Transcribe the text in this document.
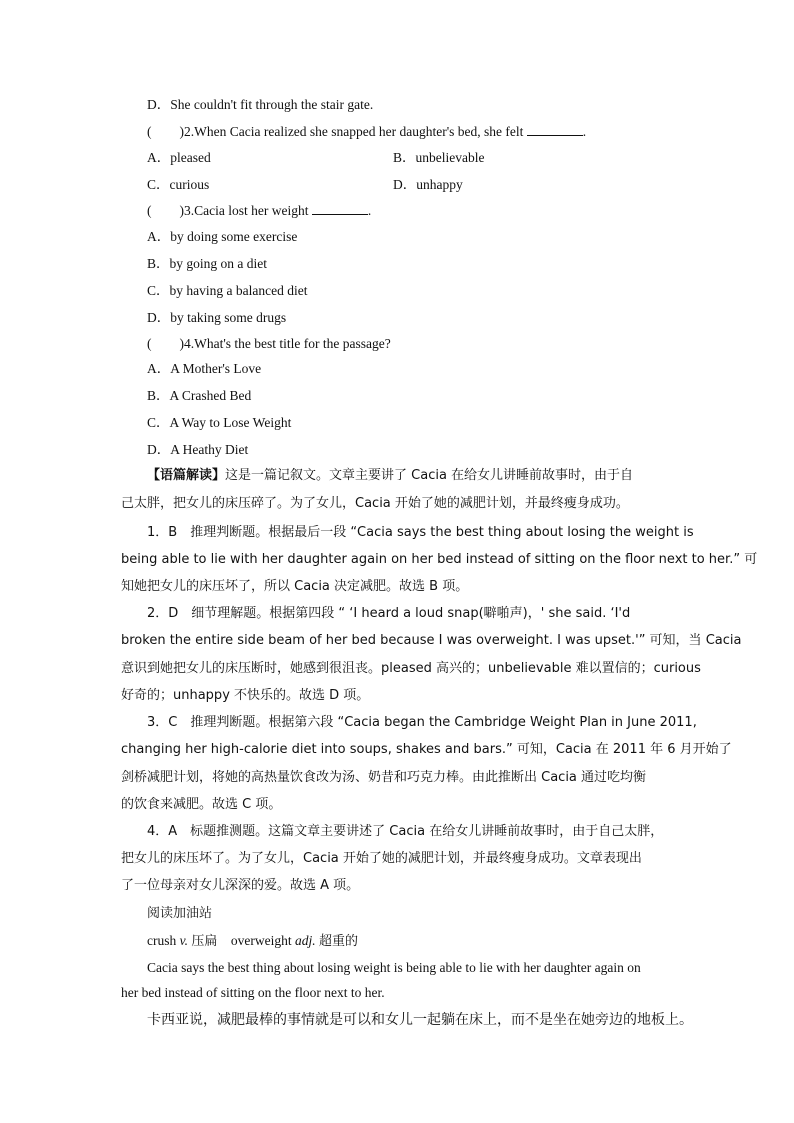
D．She couldn't fit through the stair gate.
( )2.When Cacia realized she snapped her daughter's bed, she felt	.
A．pleased	B．unbelievable
C．curious	D．unhappy
( )3.Cacia lost her weight	.
A．by doing some exercise
B．by going on a diet
C．by having a balanced diet
D．by taking some drugs
( )4.What's the best title for the passage?
A．A Mother's Love
B．A Crashed Bed
C．A Way to Lose Weight
D．A Heathy Diet
【语篇解读】这是一篇记叙文。文章主要讲了 Cacia 在给女儿讲睡前故事时，由于自
己太胖，把女儿的床压碎了。为了女儿，Cacia 开始了她的减肥计划，并最终瘦身成功。
1．B　推理判断题。根据最后一段 “Cacia says the best thing about losing the weight is
being able to lie with her daughter again on her bed instead of sitting on the floor next to her.” 可
知她把女儿的床压坏了，所以 Cacia 决定减肥。故选 B 项。
2．D　细节理解题。根据第四段 “ ‘I heard a loud snap(噼啪声)，' she said. ‘I'd
broken the entire side beam of her bed because I was overweight. I was upset.'” 可知，当 Cacia
意识到她把女儿的床压断时，她感到很沮丧。pleased 高兴的；unbelievable 难以置信的；curious
好奇的；unhappy 不快乐的。故选 D 项。
3．C　推理判断题。根据第六段 “Cacia began the Cambridge Weight Plan in June 2011,
changing her high-calorie diet into soups, shakes and bars.” 可知，Cacia 在 2011 年 6 月开始了
剑桥减肥计划，将她的高热量饮食改为汤、奶昔和巧克力棒。由此推断出 Cacia 通过吃均衡
的饮食来减肥。故选 C 项。
4．A　标题推测题。这篇文章主要讲述了 Cacia 在给女儿讲睡前故事时，由于自己太胖，
把女儿的床压坏了。为了女儿，Cacia 开始了她的减肥计划，并最终瘦身成功。文章表现出
了一位母亲对女儿深深的爱。故选 A 项。
阅读加油站
crush v. 压扁 overweight adj. 超重的
Cacia says the best thing about losing weight is being able to lie with her daughter again on
her bed instead of sitting on the floor next to her.
卡西亚说，减肥最棒的事情就是可以和女儿一起躺在床上，而不是坐在她旁边的地板上。
